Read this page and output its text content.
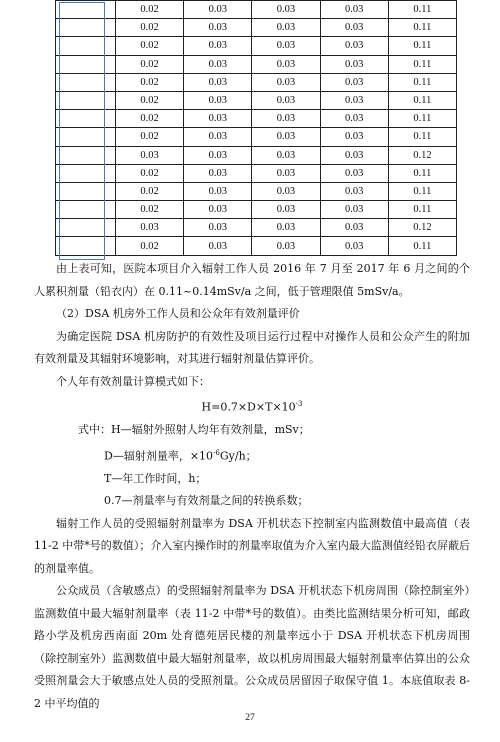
	0.02	0.03	0.03	0.03	0.11
	0.02	0.03	0.03	0.03	0.11
	0.02	0.03	0.03	0.03	0.11
	0.02	0.03	0.03	0.03	0.11
	0.02	0.03	0.03	0.03	0.11
	0.02	0.03	0.03	0.03	0.11
	0.02	0.03	0.03	0.03	0.11
	0.02	0.03	0.03	0.03	0.11
	0.03	0.03	0.03	0.03	0.12
	0.02	0.03	0.03	0.03	0.11
	0.02	0.03	0.03	0.03	0.11
	0.02	0.03	0.03	0.03	0.11
	0.03	0.03	0.03	0.03	0.12
	0.02	0.03	0.03	0.03	0.11

由上表可知，医院本项目介入辐射工作人员 2016 年 7 月至 2017 年 6 月之间的个人累积剂量（铅衣内）在 0.11~0.14mSv/a 之间，低于管理限值 5mSv/a。

（2）DSA 机房外工作人员和公众年有效剂量评价

为确定医院 DSA 机房防护的有效性及项目运行过程中对操作人员和公众产生的附加有效剂量及其辐射环境影响，对其进行辐射剂量估算评价。

个人年有效剂量计算模式如下：

$H=0.7\times D\times T\times 10^{-3}$

式中：H—辐射外照射人均年有效剂量，mSv；

D—辐射剂量率，$\times 10^{-6}Gy/h$；

T—年工作时间，h；

0.7—剂量率与有效剂量之间的转换系数；

辐射工作人员的受照辐射剂量率为 DSA 开机状态下控制室内监测数值中最高值（表 11-2 中带*号的数值）；介入室内操作时的剂量率取值为介入室内最大监测值经铅衣屏蔽后的剂量率值。

公众成员（含敏感点）的受照辐射剂量率为 DSA 开机状态下机房周围（除控制室外）监测数值中最大辐射剂量率（表 11-2 中带*号的数值）。由类比监测结果分析可知，邮政路小学及机房西南面 20m 处育德苑居民楼的剂量率远小于 DSA 开机状态下机房周围（除控制室外）监测数值中最大辐射剂量率，故以机房周围最大辐射剂量率估算出的公众受照剂量会大于敏感点处人员的受照剂量。公众成员居留因子取保守值 1。本底值取表 8-2 中平均值的

27
